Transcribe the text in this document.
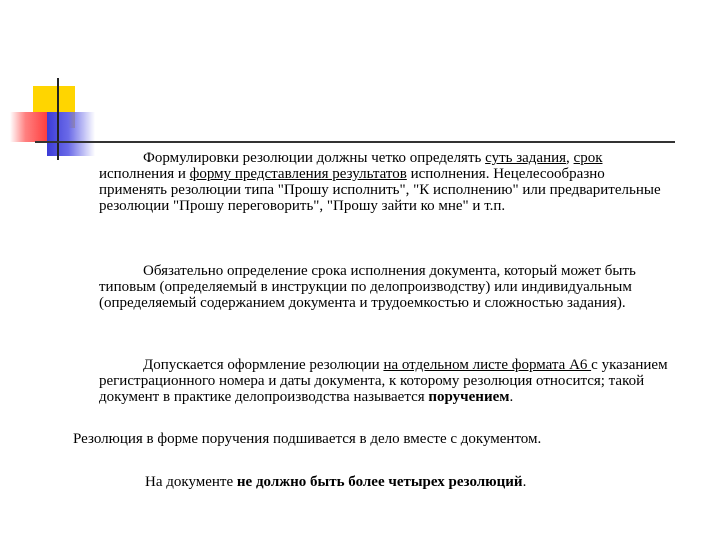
Формулировки резолюции должны четко определять суть задания, срок исполнения и форму представления результатов исполнения. Нецелесообразно применять резолюции типа "Прошу исполнить", "К исполнению" или предварительные резолюции "Прошу переговорить", "Прошу зайти ко мне" и т.п.

Обязательно определение срока исполнения документа, который может быть типовым (определяемый в инструкции по делопроизводству) или индивидуальным (определяемый содержанием документа и трудоемкостью и сложностью задания).

Допускается оформление резолюции на отдельном листе формата А6 с указанием регистрационного номера и даты документа, к которому резолюция относится; такой документ в практике делопроизводства называется поручением.

Резолюция в форме поручения подшивается в дело вместе с документом.

На документе не должно быть более четырех резолюций.
